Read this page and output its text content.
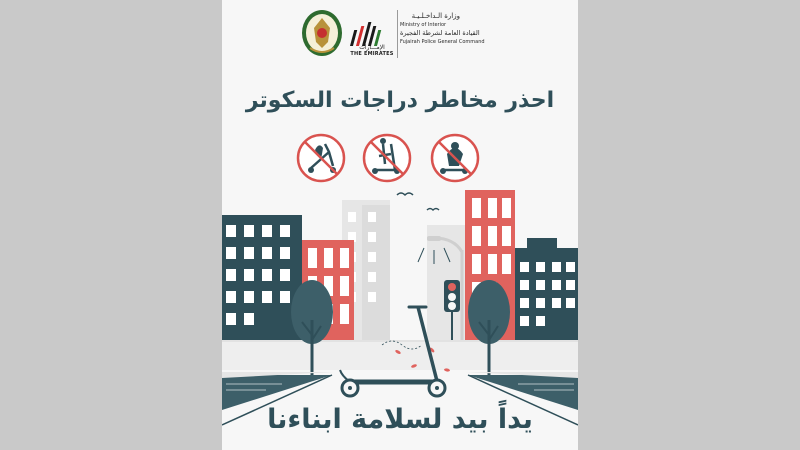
الإمـــارات
THE EMIRATES
وزارة الـداخـلـيـة
Ministry of Interior
القيادة العامة لشرطة الفجيرة
Fujairah Police General Command
احذر مخاطر دراجات السكوتر
يداً بيد لسلامة ابناءنا
